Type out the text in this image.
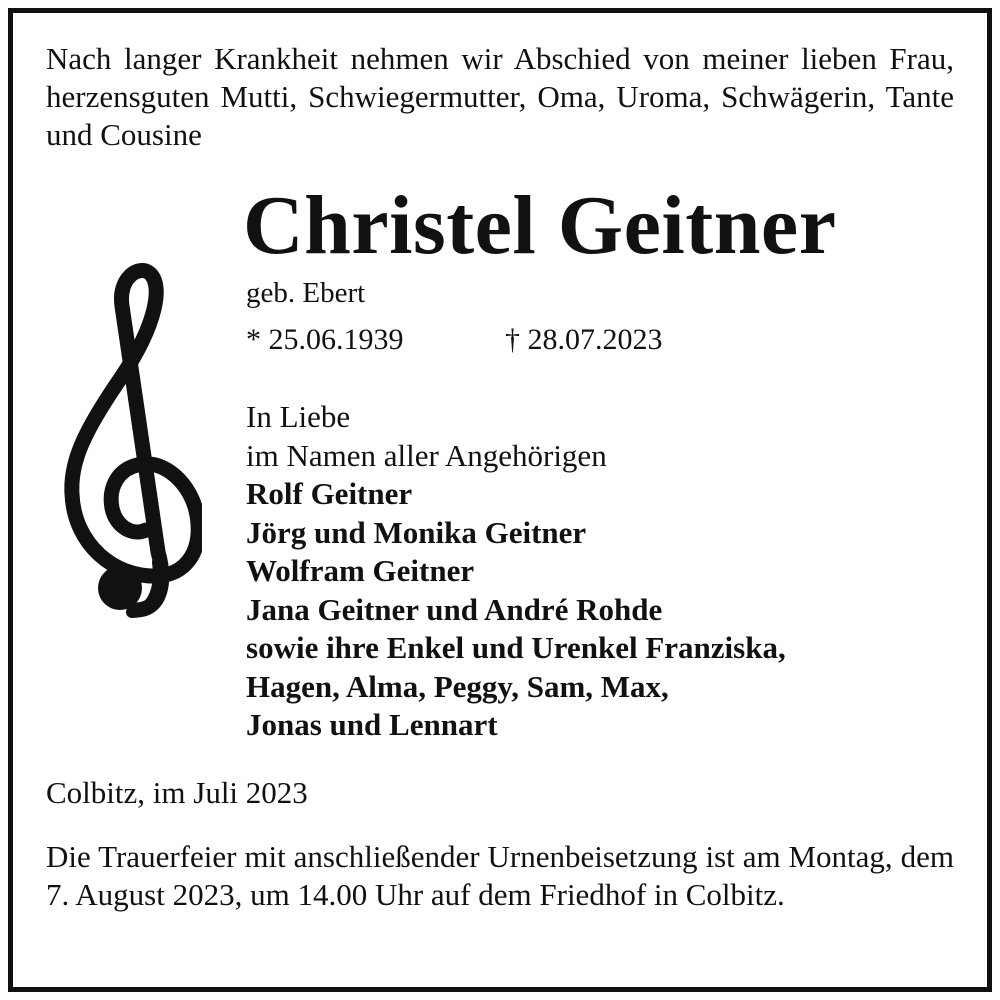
Nach langer Krankheit nehmen wir Abschied von meiner lieben Frau, herzensguten Mutti, Schwiegermutter, Oma, Uroma, Schwägerin, Tante und Cousine

Christel Geitner

geb. Ebert

* 25.06.1939	† 28.07.2023
In Liebe
im Namen aller Angehörigen
Rolf Geitner
Jörg und Monika Geitner
Wolfram Geitner
Jana Geitner und André Rohde
sowie ihre Enkel und Urenkel Franziska,
Hagen, Alma, Peggy, Sam, Max,
Jonas und Lennart

Colbitz, im Juli 2023

Die Trauerfeier mit anschließender Urnenbeisetzung ist am Montag, dem 7. August 2023, um 14.00 Uhr auf dem Friedhof in Colbitz.
